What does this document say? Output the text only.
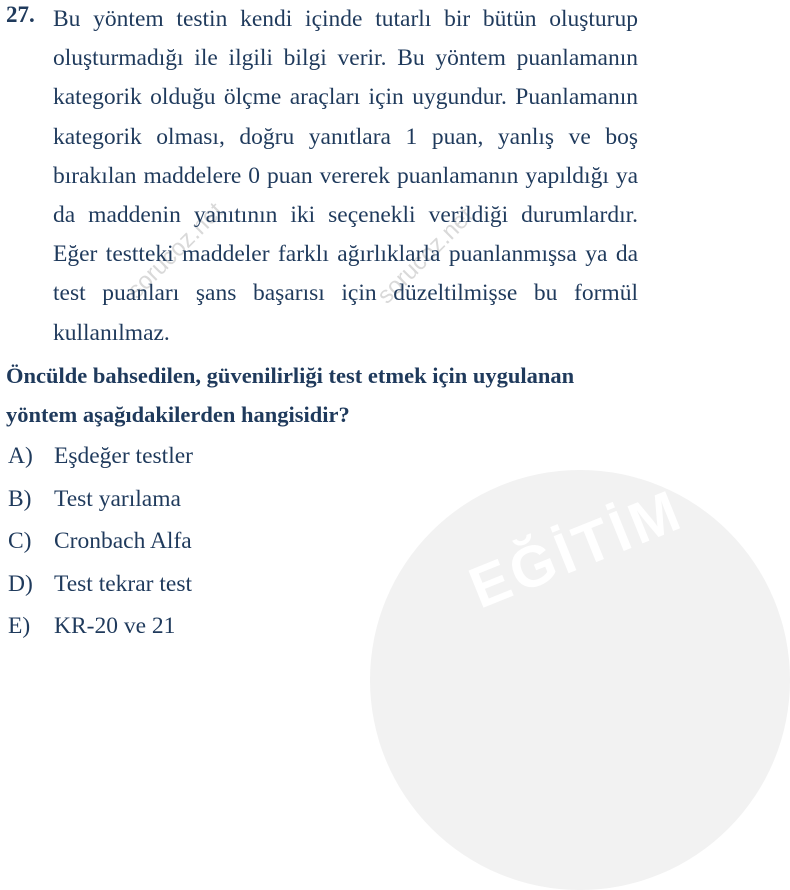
EĞİTİM
sorucoz.net	sorucoz.net
27. Bu yöntem testin kendi içinde tutarlı bir bütün oluşturup oluşturmadığı ile ilgili bilgi verir. Bu yöntem puanlamanın kategorik olduğu ölçme araçları için uygundur. Puanlamanın kategorik olması, doğru yanıtlara 1 puan, yanlış ve boş bırakılan maddelere 0 puan vererek puanlamanın yapıldığı ya da maddenin yanıtının iki seçenekli verildiği durumlardır. Eğer testteki maddeler farklı ağırlıklarla puanlanmışsa ya da test puanları şans başarısı için düzeltilmişse bu formül kullanılmaz.
Öncülde bahsedilen, güvenilirliği test etmek için uygulanan yöntem aşağıdakilerden hangisidir?
A) Eşdeğer testler
B) Test yarılama
C) Cronbach Alfa
D) Test tekrar test
E) KR-20 ve 21
